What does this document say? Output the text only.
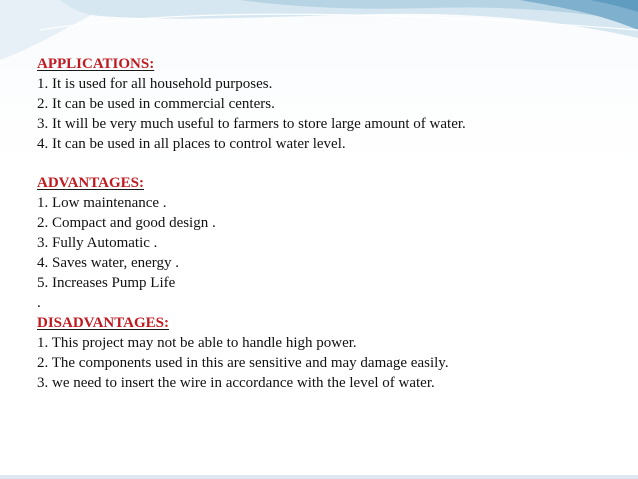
APPLICATIONS:
1. It is used for all household purposes.
2. It can be used in commercial centers.
3. It will be very much useful to farmers to store large amount of water.
4. It can be used in all places to control water level.
ADVANTAGES:
1. Low maintenance .
2. Compact and good design .
3. Fully Automatic .
4. Saves water, energy .
5. Increases Pump Life
.
DISADVANTAGES:
1. This project may not be able to handle high power.
2. The components used in this are sensitive and may damage easily.
3. we need to insert the wire in accordance with the level of water.
